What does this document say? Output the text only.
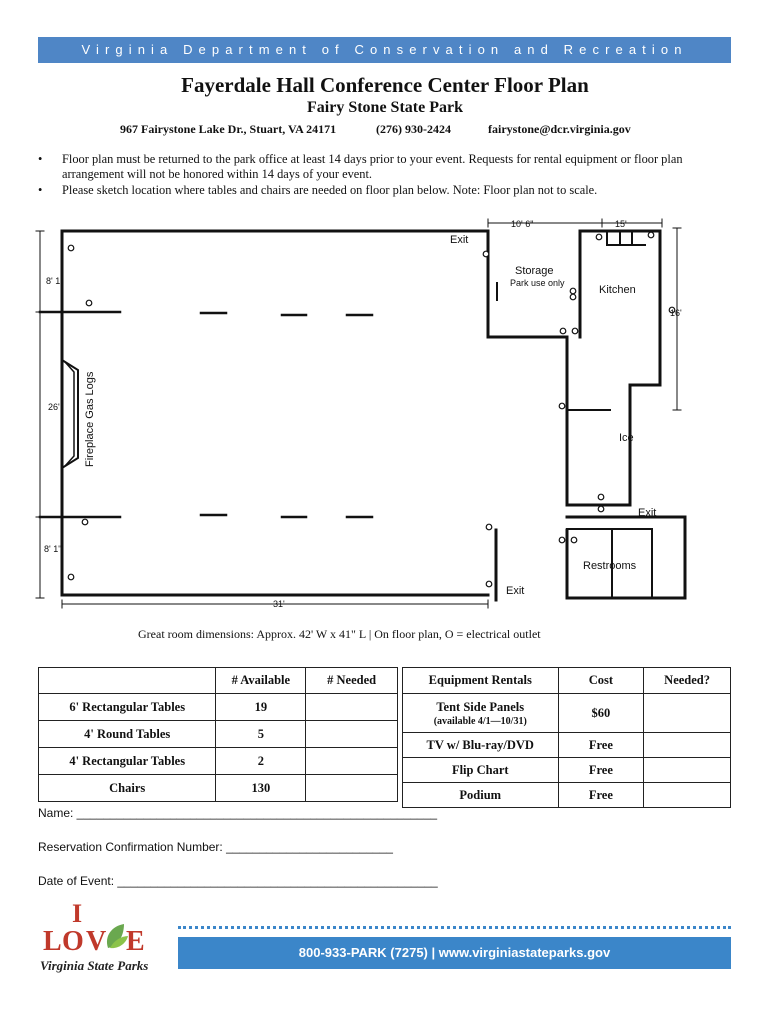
Virginia Department of Conservation and Recreation
Fayerdale Hall Conference Center Floor Plan
Fairy Stone State Park
967 Fairystone Lake Dr., Stuart, VA 24171	(276) 930-2424	fairystone@dcr.virginia.gov
• Floor plan must be returned to the park office at least 14 days prior to your event. Requests for rental equipment or floor plan arrangement will not be honored within 14 days of your event.
• Please sketch location where tables and chairs are needed on floor plan below. Note: Floor plan not to scale.
Exit
Storage
Park use only
Kitchen
Ice
Exit
Restrooms
Exit
Fireplace Gas Logs
10' 6"	15'
16'
8' 1"
26'
8' 1"
31'
Great room dimensions: Approx. 42' W x 41" L | On floor plan, O = electrical outlet
	# Available	# Needed
6' Rectangular Tables	19	
4' Round Tables	5	
4' Rectangular Tables	2	
Chairs	130	
Equipment Rentals	Cost	Needed?
Tent Side Panels
(available 4/1—10/31)	$60	
TV w/ Blu-ray/DVD	Free	
Flip Chart	Free	
Podium	Free	
Name: ______________________________________________________
Reservation Confirmation Number: _________________________
Date of Event: ________________________________________________
I
L O V E
Virginia State Parks
800-933-PARK (7275) | www.virginiastateparks.gov
